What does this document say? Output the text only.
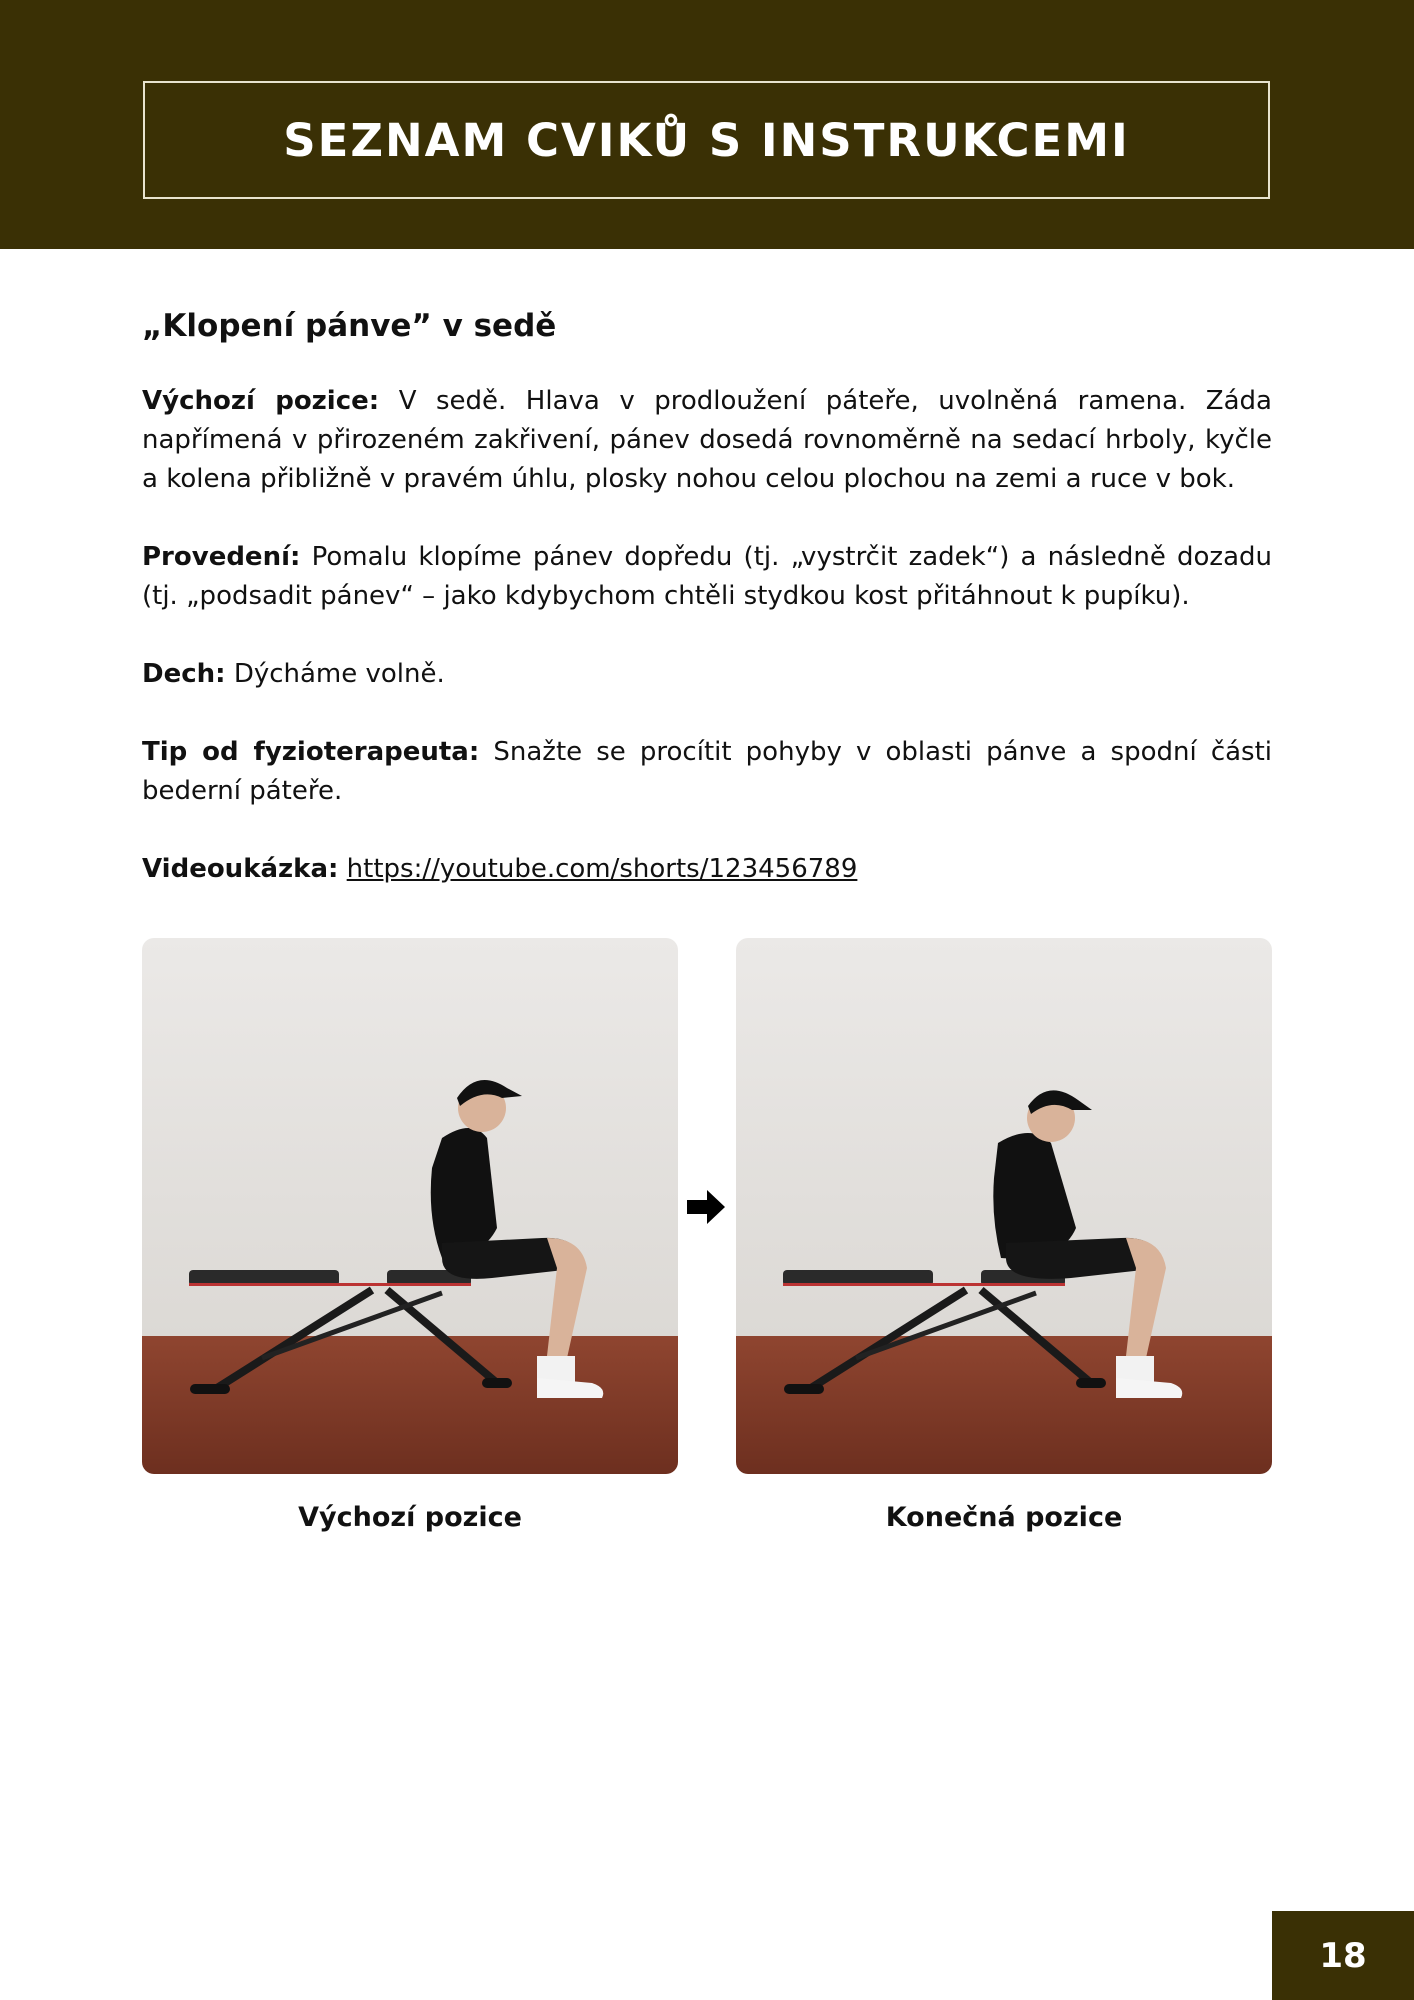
SEZNAM CVIKŮ S INSTRUKCEMI
„Klopení pánve” v sedě

Výchozí pozice: V sedě. Hlava v prodloužení páteře, uvolněná ramena. Záda napřímená v přirozeném zakřivení, pánev dosedá rovnoměrně na sedací hrboly, kyčle a kolena přibližně v pravém úhlu, plosky nohou celou plochou na zemi a ruce v bok.

Provedení: Pomalu klopíme pánev dopředu (tj. „vystrčit zadek“) a následně dozadu (tj. „podsadit pánev“ – jako kdybychom chtěli stydkou kost přitáhnout k pupíku).

Dech: Dýcháme volně.

Tip od fyzioterapeuta: Snažte se procítit pohyby v oblasti pánve a spodní části bederní páteře.

Videoukázka: https://youtube.com/shorts/123456789

Výchozí pozice	Konečná pozice
18
